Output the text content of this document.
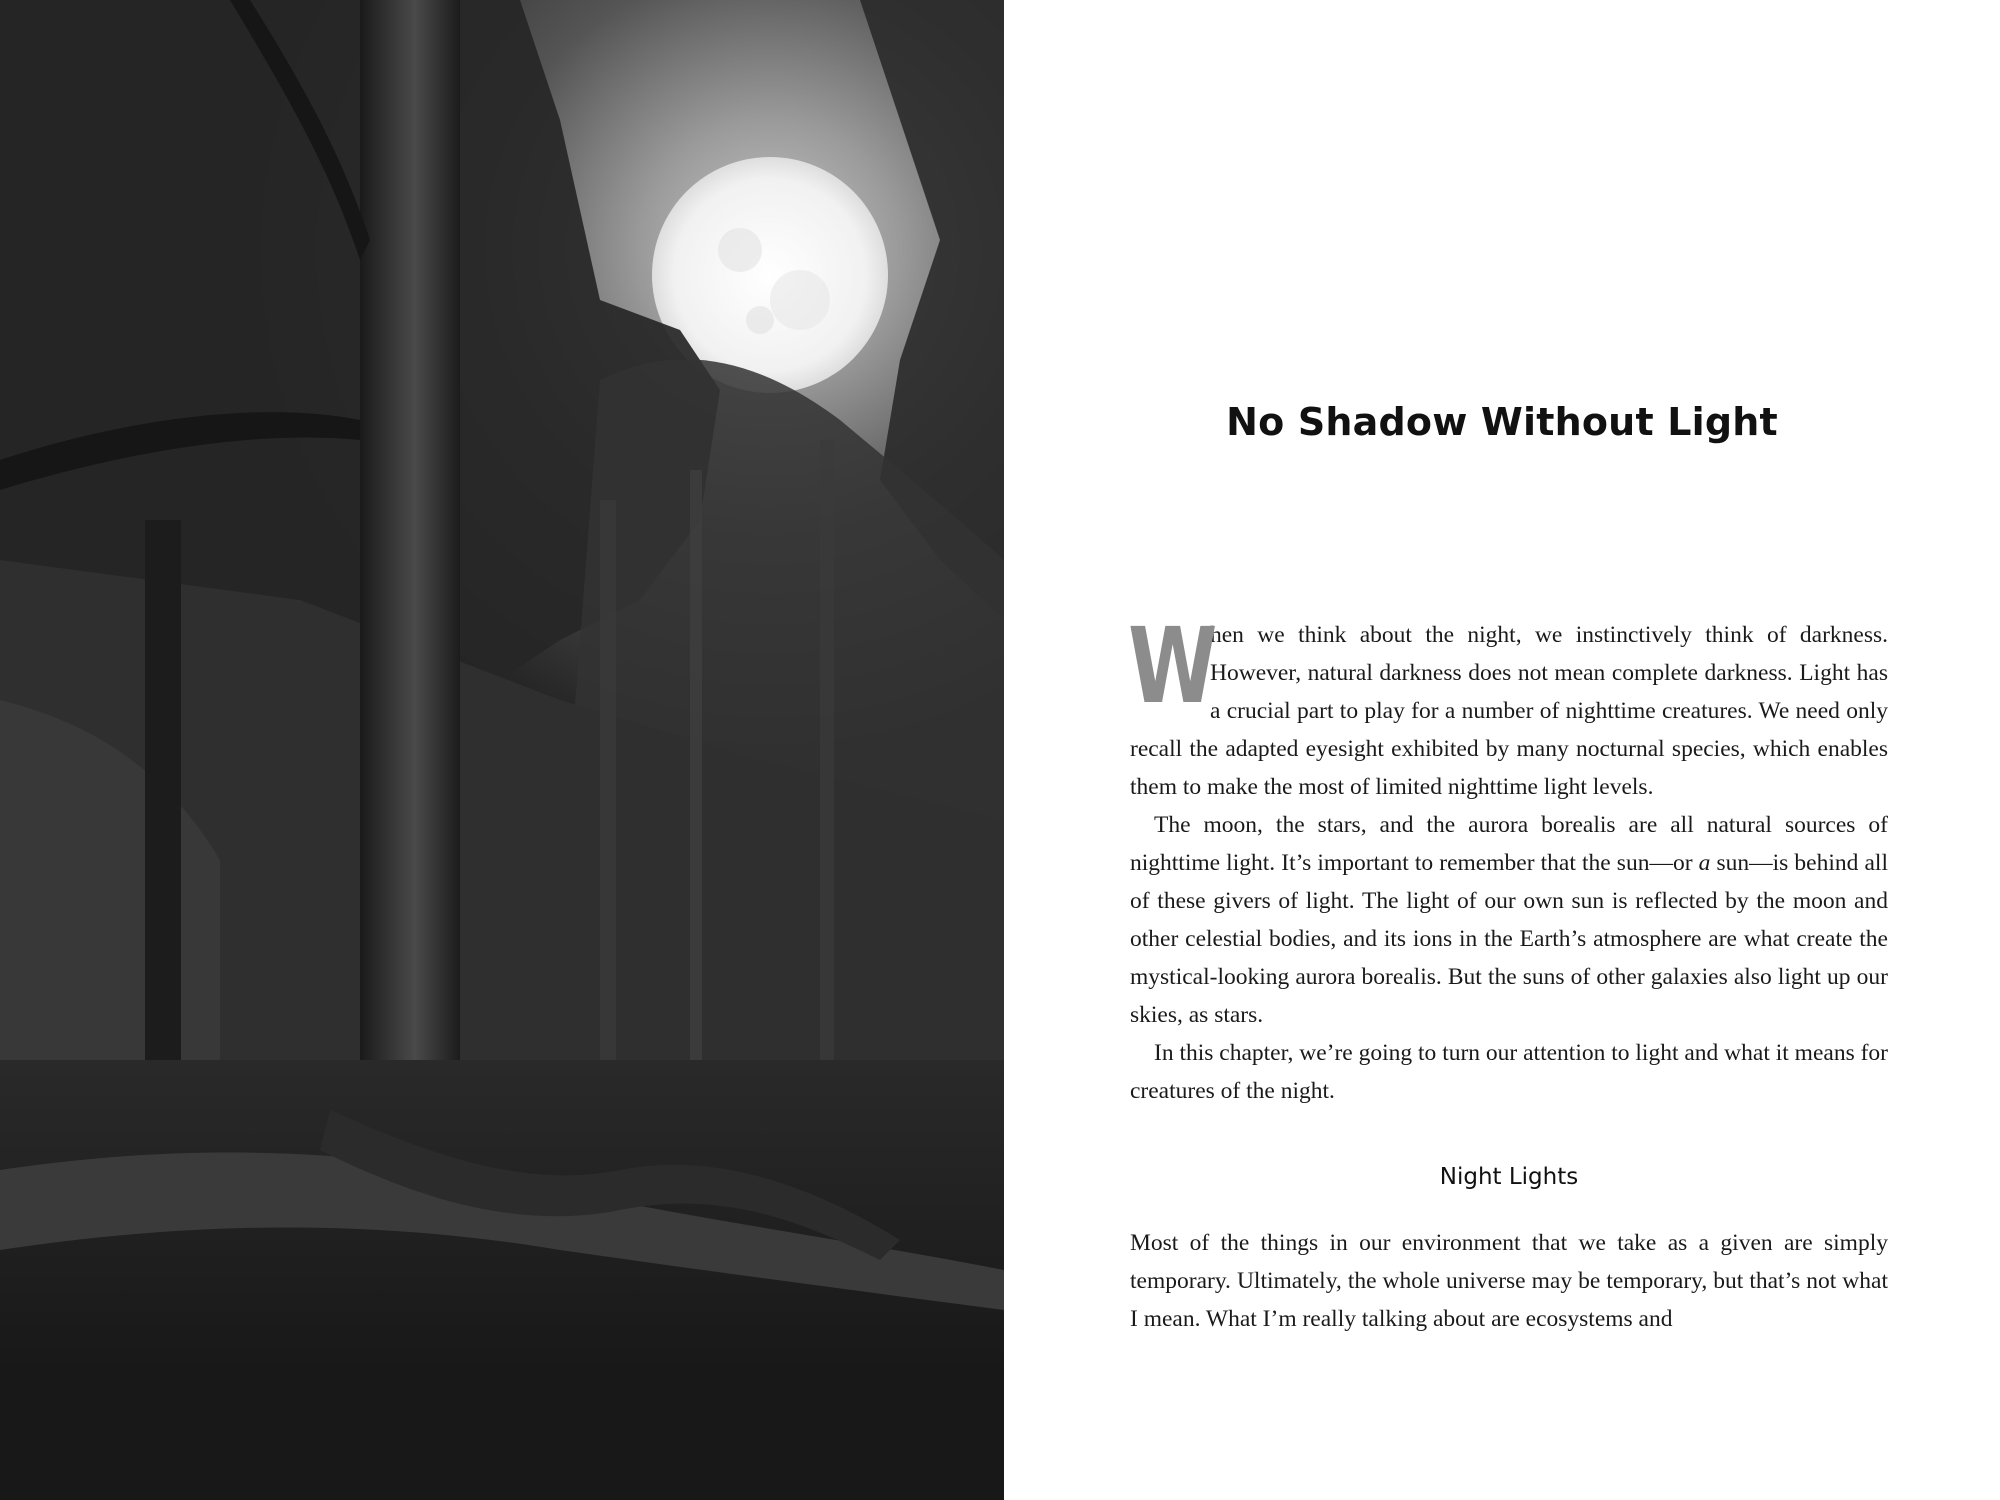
No Shadow Without Light

W
hen we think about the night, we instinctively think of darkness. However, natural darkness does not mean complete darkness. Light has a crucial part to play for a number of nighttime creatures. We need only recall the adapted eyesight exhibited by many nocturnal species, which enables them to make the most of limited nighttime light levels.

The moon, the stars, and the aurora borealis are all natural sources of nighttime light. It’s important to remember that the sun—or a sun—is behind all of these givers of light. The light of our own sun is reflected by the moon and other celestial bodies, and its ions in the Earth’s atmosphere are what create the mystical-looking aurora borealis. But the suns of other galaxies also light up our skies, as stars.

In this chapter, we’re going to turn our attention to light and what it means for creatures of the night.

Night Lights

Most of the things in our environment that we take as a given are simply temporary. Ultimately, the whole universe may be temporary, but that’s not what I mean. What I’m really talking about are ecosystems and
